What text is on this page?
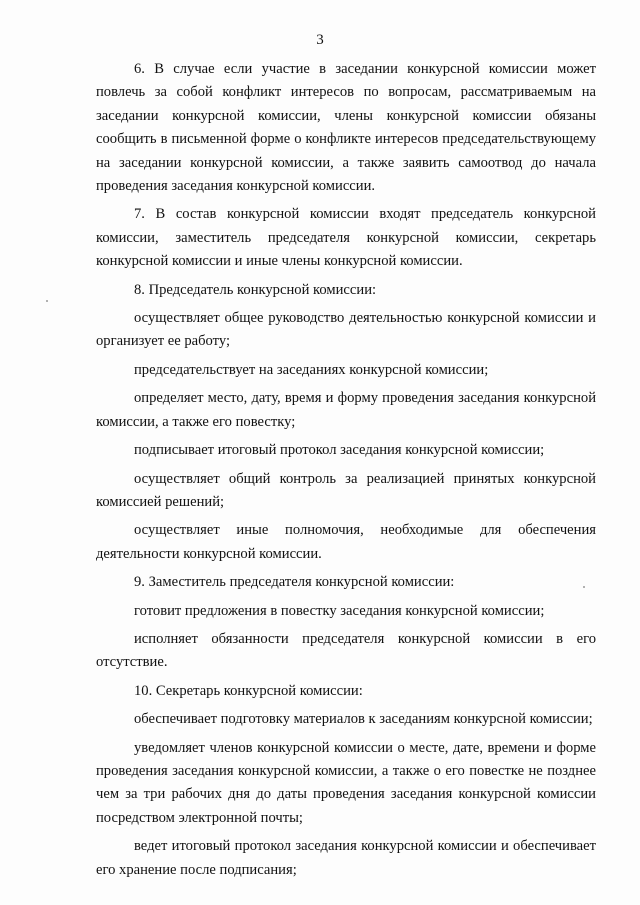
3

6. В случае если участие в заседании конкурсной комиссии может повлечь за собой конфликт интересов по вопросам, рассматриваемым на заседании конкурсной комиссии, члены конкурсной комиссии обязаны сообщить в письменной форме о конфликте интересов председательствующему на заседании конкурсной комиссии, а также заявить самоотвод до начала проведения заседания конкурсной комиссии.

7. В состав конкурсной комиссии входят председатель конкурсной комиссии, заместитель председателя конкурсной комиссии, секретарь конкурсной комиссии и иные члены конкурсной комиссии.

8. Председатель конкурсной комиссии:

осуществляет общее руководство деятельностью конкурсной комиссии и организует ее работу;

председательствует на заседаниях конкурсной комиссии;

определяет место, дату, время и форму проведения заседания конкурсной комиссии, а также его повестку;

подписывает итоговый протокол заседания конкурсной комиссии;

осуществляет общий контроль за реализацией принятых конкурсной комиссией решений;

осуществляет иные полномочия, необходимые для обеспечения деятельности конкурсной комиссии.

9. Заместитель председателя конкурсной комиссии:

готовит предложения в повестку заседания конкурсной комиссии;

исполняет обязанности председателя конкурсной комиссии в его отсутствие.

10. Секретарь конкурсной комиссии:

обеспечивает подготовку материалов к заседаниям конкурсной комиссии;

уведомляет членов конкурсной комиссии о месте, дате, времени и форме проведения заседания конкурсной комиссии, а также о его повестке не позднее чем за три рабочих дня до даты проведения заседания конкурсной комиссии посредством электронной почты;

ведет итоговый протокол заседания конкурсной комиссии и обеспечивает его хранение после подписания;
